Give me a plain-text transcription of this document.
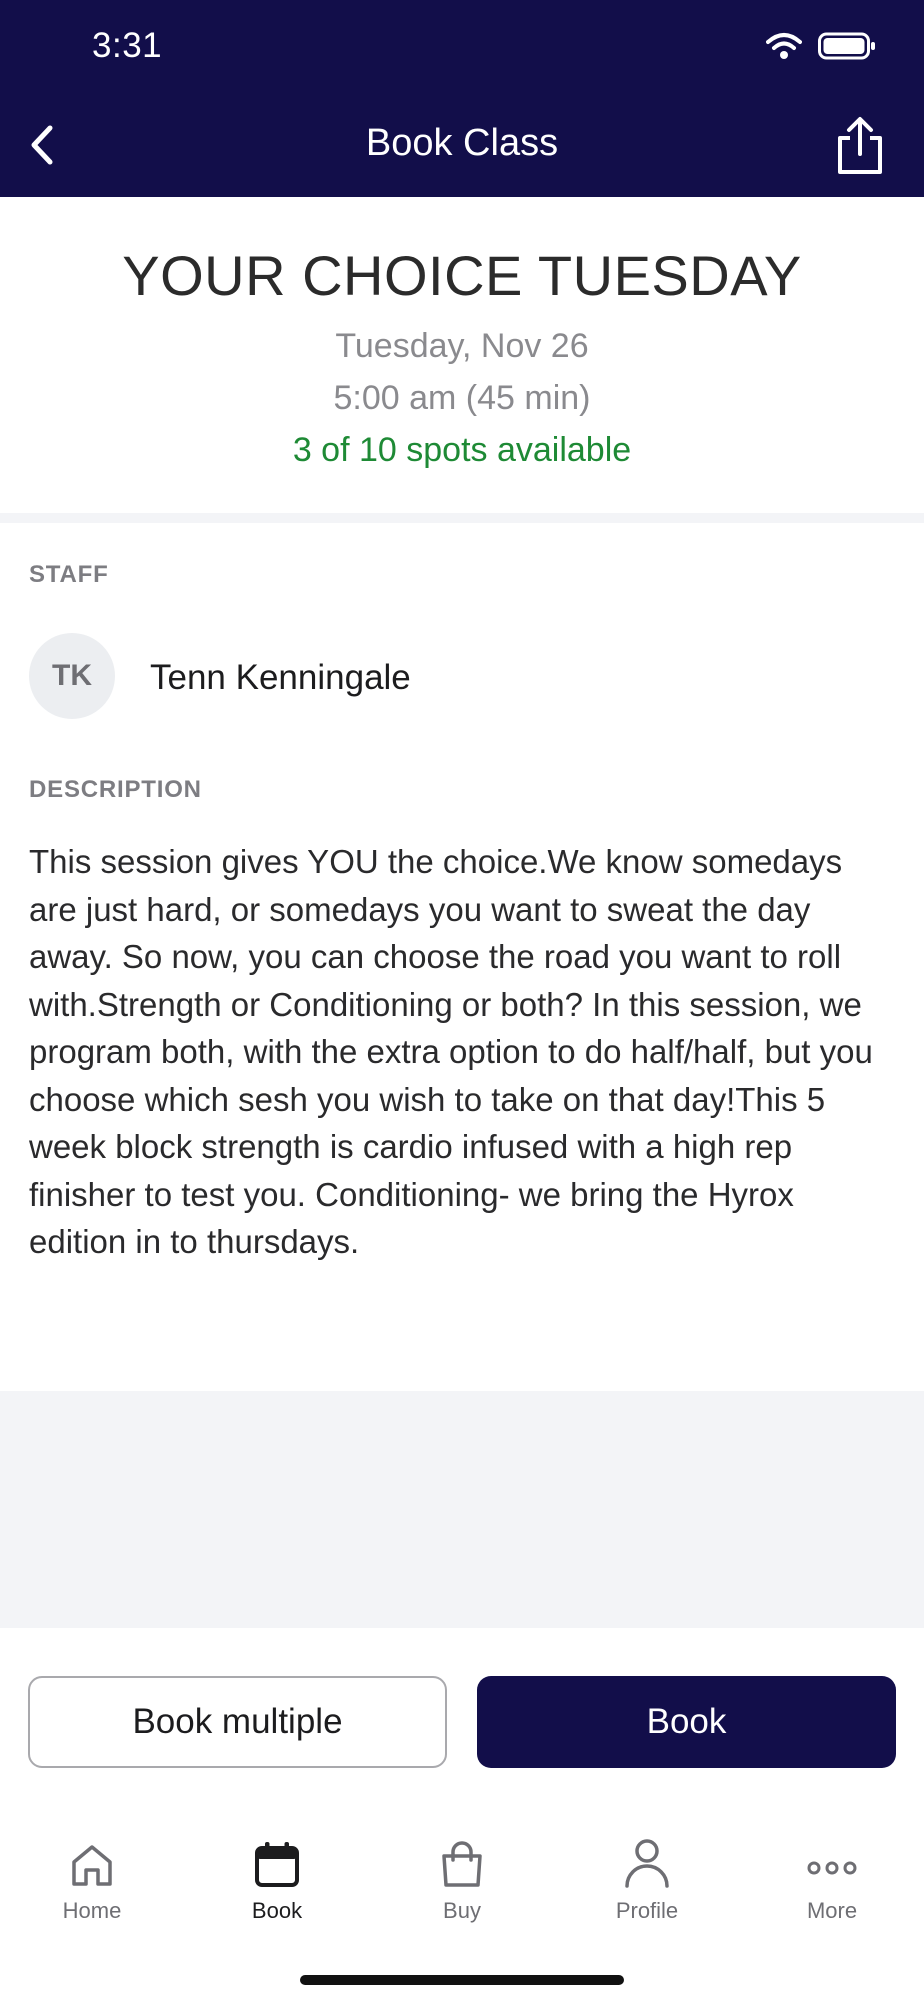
3:31
Book Class
YOUR CHOICE TUESDAY
Tuesday, Nov 26
5:00 am (45 min)
3 of 10 spots available
STAFF
TK	Tenn Kenningale
DESCRIPTION
This session gives YOU the choice.We know somedays are just hard, or somedays you want to sweat the day away. So now, you can choose the road you want to roll with.Strength or Conditioning or both? In this session, we program both, with the extra option to do half/half, but you choose which sesh you wish to take on that day!This 5 week block strength is cardio infused with a high rep finisher to test you. Conditioning- we bring the Hyrox edition in to thursdays.
Book multiple	Book
Home	Book	Buy	Profile	More
